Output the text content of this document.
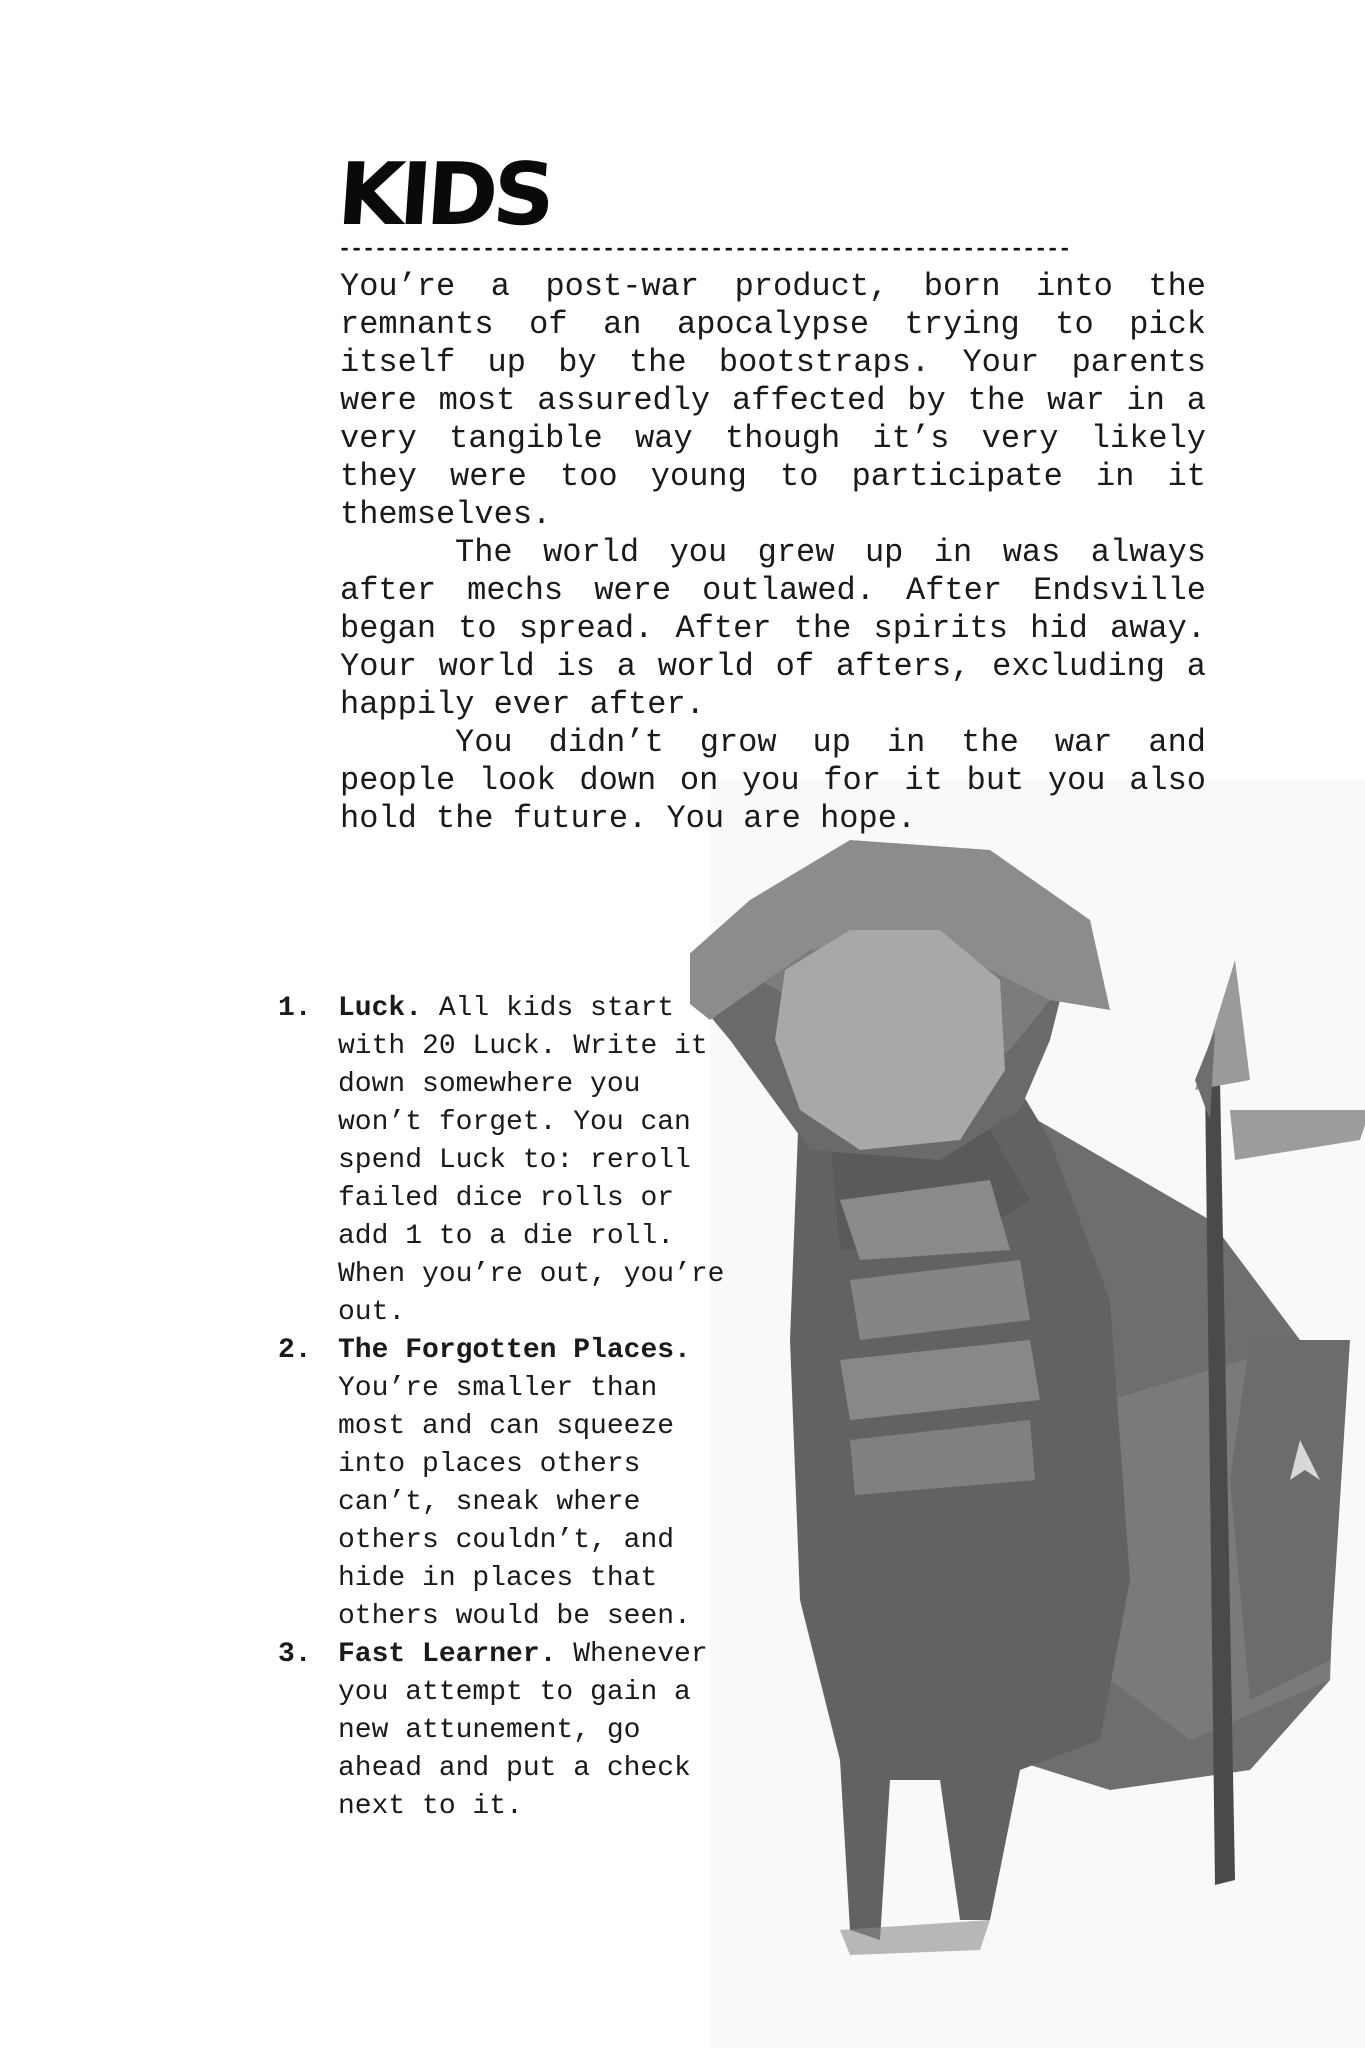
KIDS
-------------------------------------------------------------

You’re a post-war product, born into the remnants of an apocalypse trying to pick itself up by the bootstraps. Your parents were most assuredly affected by the war in a very tangible way though it’s very likely they were too young to participate in it themselves.

The world you grew up in was always after mechs were outlawed. After Endsville began to spread. After the spirits hid away. Your world is a world of afters, excluding a happily ever after.

You didn’t grow up in the war and people look down on you for it but you also hold the future. You are hope.

1. Luck. All kids start with 20 Luck. Write it down somewhere you won’t forget. You can spend Luck to: reroll failed dice rolls or add 1 to a die roll. When you’re out, you’re out.
2. The Forgotten Places. You’re smaller than most and can squeeze into places others can’t, sneak where others couldn’t, and hide in places that others would be seen.
3. Fast Learner. Whenever you attempt to gain a new attunement, go ahead and put a check next to it.
